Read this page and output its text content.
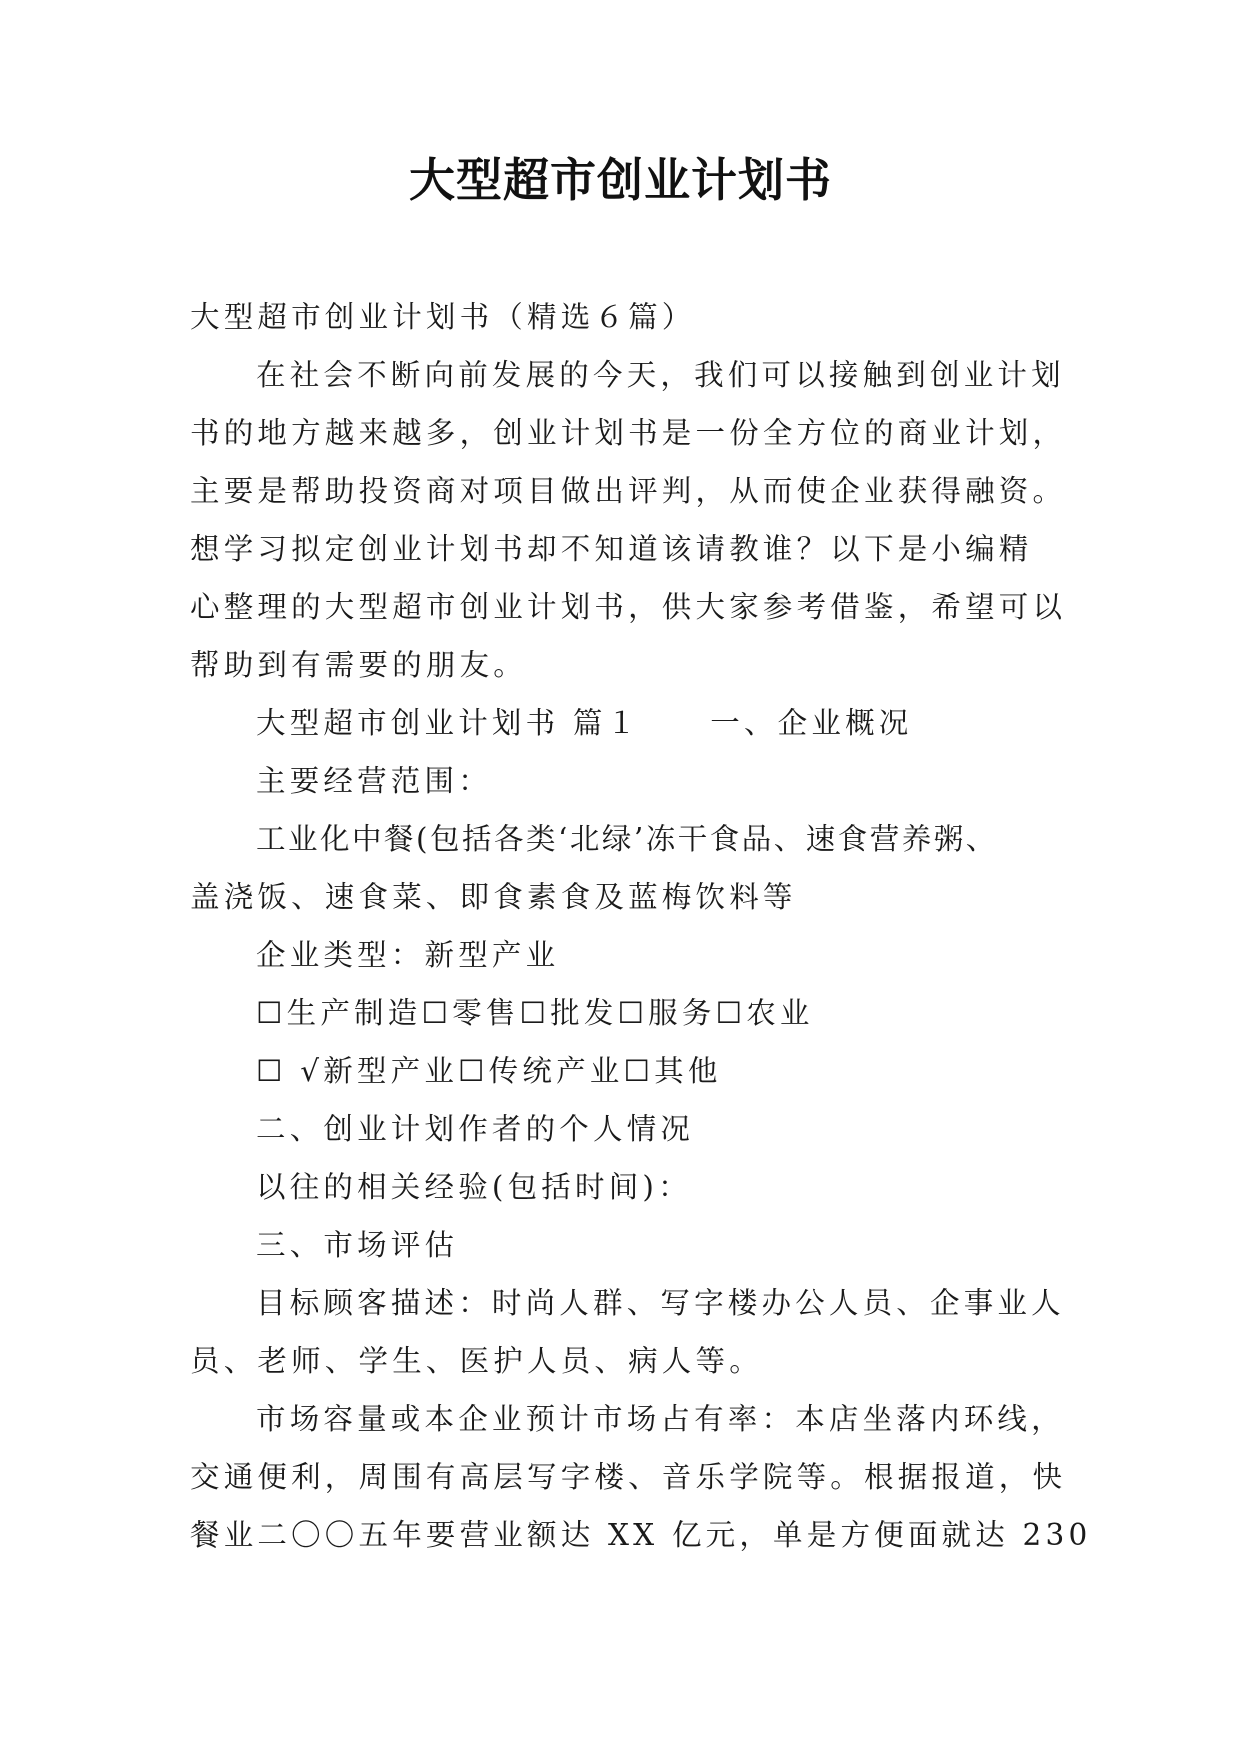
大型超市创业计划书
大型超市创业计划书（精选６篇）
在社会不断向前发展的今天，我们可以接触到创业计划
书的地方越来越多，创业计划书是一份全方位的商业计划，
主要是帮助投资商对项目做出评判，从而使企业获得融资。
想学习拟定创业计划书却不知道该请教谁？以下是小编精
心整理的大型超市创业计划书，供大家参考借鉴，希望可以
帮助到有需要的朋友。
大型超市创业计划书 篇１ 一、企业概况
主要经营范围：
工业化中餐(包括各类‘北绿’冻干食品、速食营养粥、
盖浇饭、速食菜、即食素食及蓝梅饮料等
企业类型：新型产业
☐生产制造☐零售☐批发☐服务☐农业
☐ √新型产业☐传统产业☐其他
二、创业计划作者的个人情况
以往的相关经验(包括时间)：
三、市场评估
目标顾客描述：时尚人群、写字楼办公人员、企事业人
员、老师、学生、医护人员、病人等。
市场容量或本企业预计市场占有率：本店坐落内环线，
交通便利，周围有高层写字楼、音乐学院等。根据报道，快
餐业二〇〇五年要营业额达 XX 亿元，单是方便面就达 230
